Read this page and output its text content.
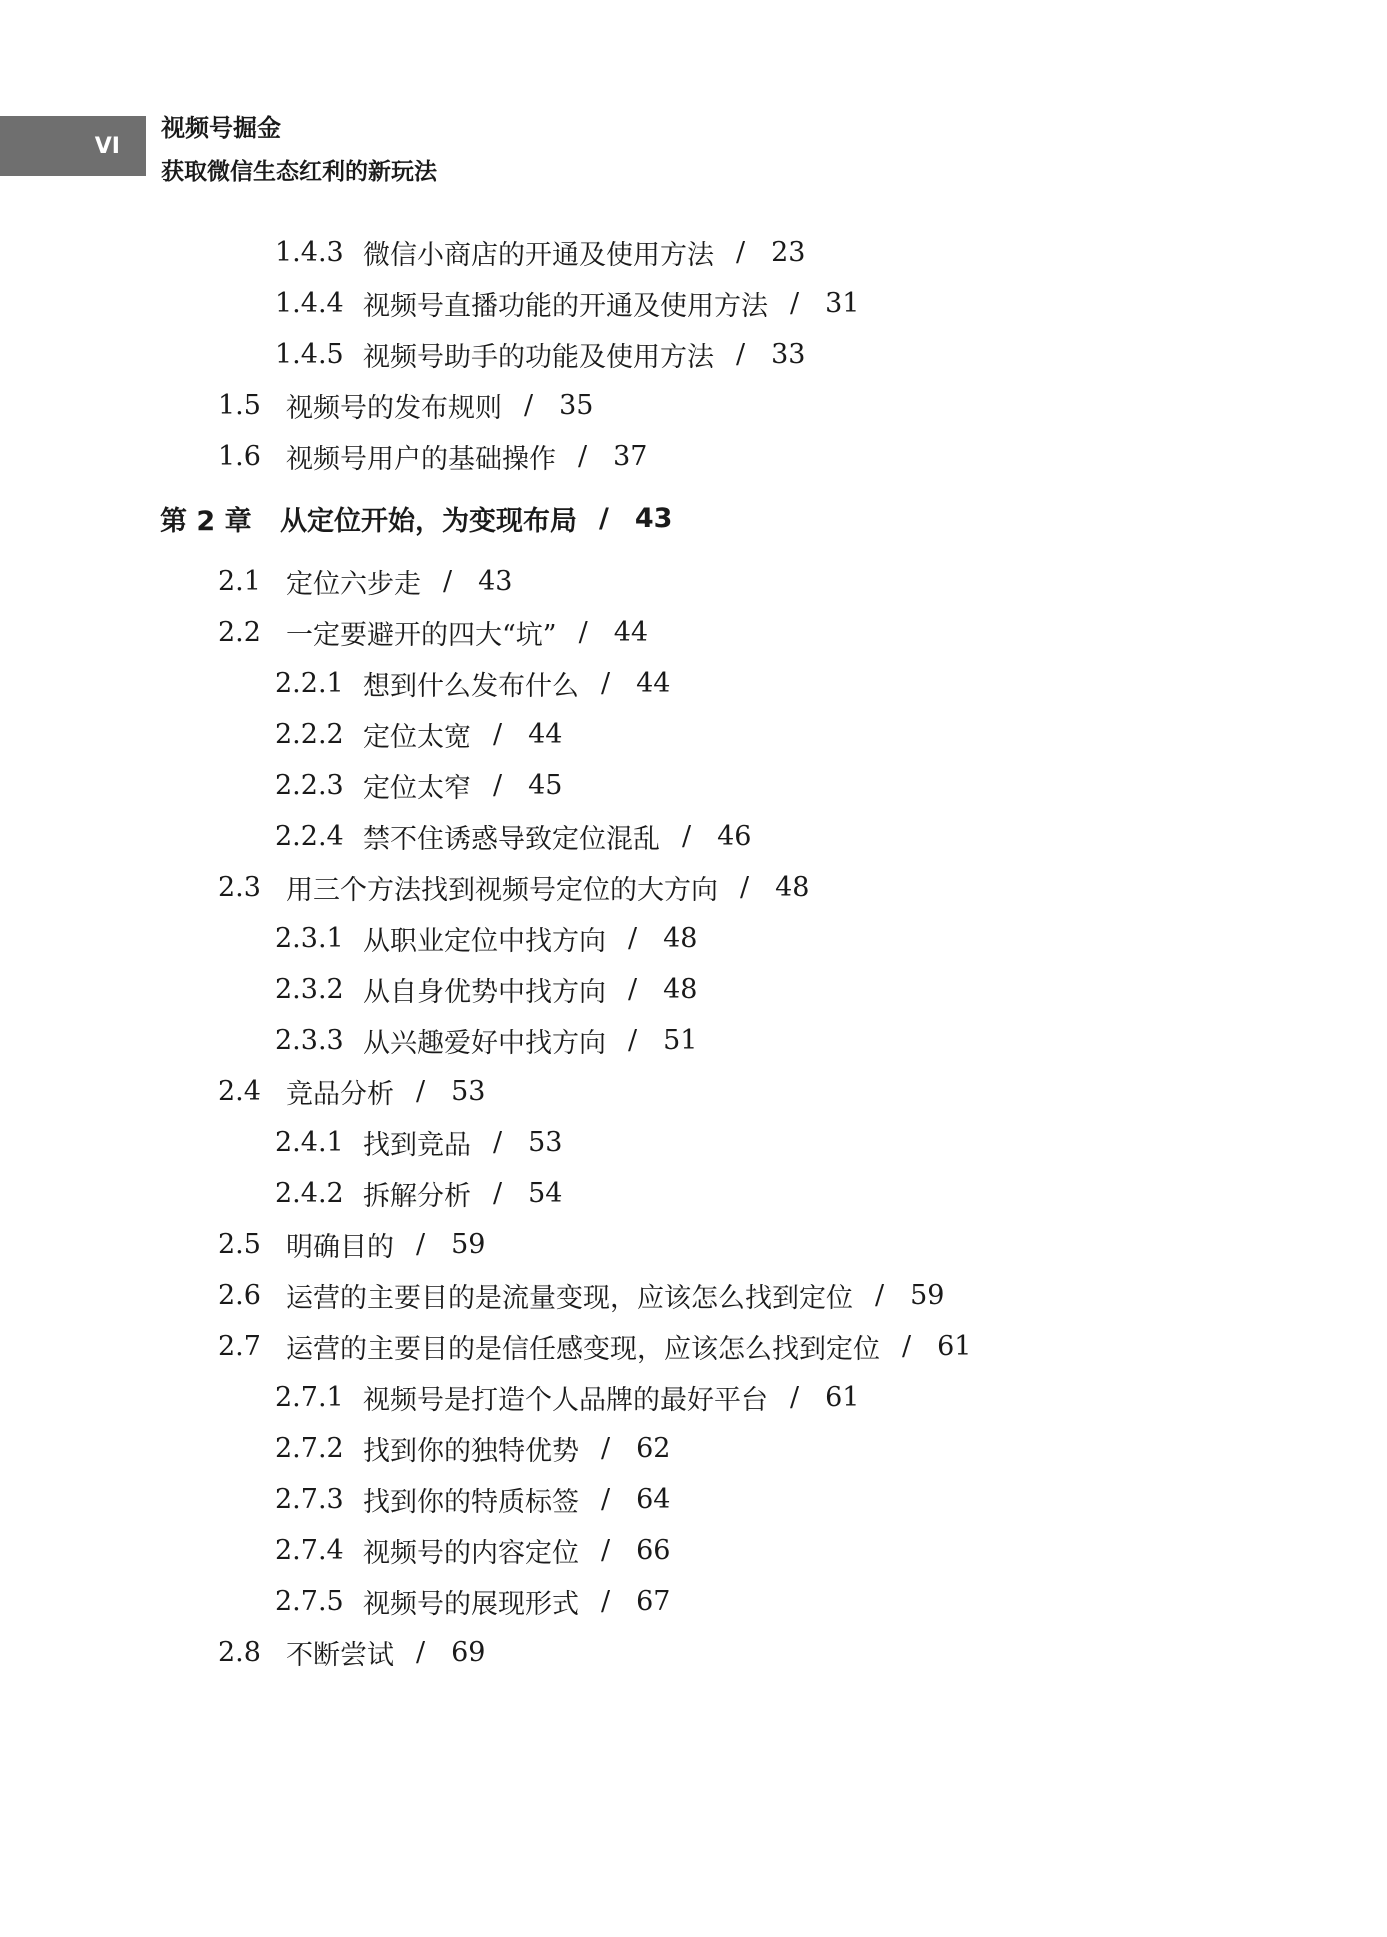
VI
视频号掘金
获取微信生态红利的新玩法
1.4.3 微信小商店的开通及使用方法 / 23
1.4.4 视频号直播功能的开通及使用方法 / 31
1.4.5 视频号助手的功能及使用方法 / 33
1.5 视频号的发布规则 / 35
1.6 视频号用户的基础操作 / 37
第 2 章	从定位开始，为变现布局 / 43
2.1 定位六步走 / 43
2.2 一定要避开的四大“坑” / 44
2.2.1 想到什么发布什么 / 44
2.2.2 定位太宽 / 44
2.2.3 定位太窄 / 45
2.2.4 禁不住诱惑导致定位混乱 / 46
2.3 用三个方法找到视频号定位的大方向 / 48
2.3.1 从职业定位中找方向 / 48
2.3.2 从自身优势中找方向 / 48
2.3.3 从兴趣爱好中找方向 / 51
2.4 竞品分析 / 53
2.4.1 找到竞品 / 53
2.4.2 拆解分析 / 54
2.5 明确目的 / 59
2.6 运营的主要目的是流量变现，应该怎么找到定位 / 59
2.7 运营的主要目的是信任感变现，应该怎么找到定位 / 61
2.7.1 视频号是打造个人品牌的最好平台 / 61
2.7.2 找到你的独特优势 / 62
2.7.3 找到你的特质标签 / 64
2.7.4 视频号的内容定位 / 66
2.7.5 视频号的展现形式 / 67
2.8 不断尝试 / 69
